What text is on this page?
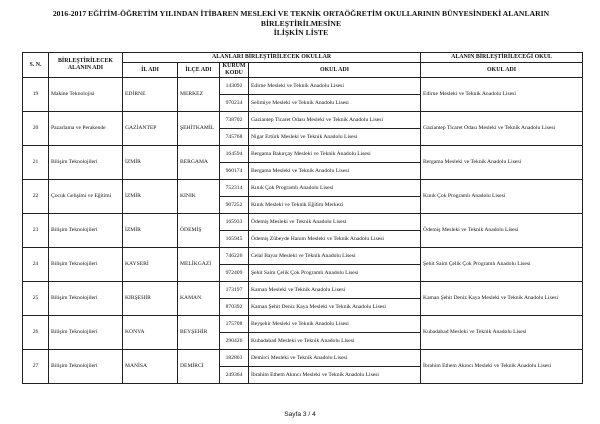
2016-2017 EĞİTİM-ÖĞRETİM YILINDAN İTİBAREN MESLEKİ VE TEKNİK ORTAÖĞRETİM OKULLARININ BÜNYESİNDEKİ ALANLARIN BİRLEŞTİRİLMESİNE
İLİŞKİN LİSTE
S. N.	BİRLEŞTİRİLECEK ALANIN ADI	ALANLARI BİRLEŞTİRİLECEK OKULLAR				ALANIN BİRLEŞTİRİLECEĞİ OKUL
		İL ADI	İLÇE ADI	KURUM KODU	OKUL ADI	OKUL ADI
19	Makine Teknolojisi	EDİRNE	MERKEZ	143092	Edirne Mesleki ve Teknik Anadolu Lisesi	Edirne Mesleki ve Teknik Anadolu Lisesi
				970234	Selimiye Mesleki ve Teknik Anadolu Lisesi	
20	Pazarlama ve Perakende	GAZİANTEP	ŞEHİTKAMİL	738702	Gaziantep Ticaret Odası Mesleki ve Teknik Anadolu Lisesi	Gaziantep Ticaret Odası Mesleki ve Teknik Anadolu Lisesi
				745768	Nigar Ertürk Mesleki ve Teknik Anadolu Lisesi	
21	Bilişim Teknolojileri	İZMİR	BERGAMA	164594	Bergama Bakırçay Mesleki ve Teknik Anadolu Lisesi	Bergama Mesleki ve Teknik Anadolu Lisesi
				960174	Bergama Mesleki ve Teknik Anadolu Lisesi	
22	Çocuk Gelişimi ve Eğitimi	İZMİR	KINIK	752314	Kınık Çok Programlı Anadolu Lisesi	Kınık Çok Programlı Anadolu Lisesi
				907252	Kınık Mesleki ve Teknik Eğitim Merkezi	
23	Bilişim Teknolojileri	İZMİR	ÖDEMİŞ	165933	Ödemiş Mesleki ve Teknik Anadolu Lisesi	Ödemiş Mesleki ve Teknik Anadolu Lisesi
				165945	Ödemiş Zübeyde Hanım Mesleki ve Teknik Anadolu Lisesi	
24	Bilişim Teknolojileri	KAYSERİ	MELİKGAZİ	746226	Celal Bayar Mesleki ve Teknik Anadolu Lisesi	Şehit Saim Çelik Çok Programlı Anadolu Lisesi
				972409	Şehit Saim Çelik Çok Programlı Anadolu Lisesi	
25	Bilişim Teknolojileri	KIRŞEHİR	KAMAN	173197	Kaman Mesleki ve Teknik Anadolu Lisesi	Kaman Şehit Deniz Kaya Mesleki ve Teknik Anadolu Lisesi
				870392	Kaman Şehit Deniz Kaya Mesleki ve Teknik Anadolu Lisesi	
26	Bilişim Teknolojileri	KONYA	BEYŞEHİR	175708	Beyşehir Mesleki ve Teknik Anadolu Lisesi	Kubadabad Mesleki ve Teknik Anadolu Lisesi
				290426	Kubadabad Mesleki ve Teknik Anadolu Lisesi	
27	Bilişim Teknolojileri	MANİSA	DEMİRCİ	182803	Demirci Mesleki ve Teknik Anadolu Lisesi	İbrahim Ethem Akıncı Mesleki ve Teknik Anadolu Lisesi
				249364	İbrahim Ethem Akıncı Mesleki ve Teknik Anadolu Lisesi	
Sayfa 3 / 4
